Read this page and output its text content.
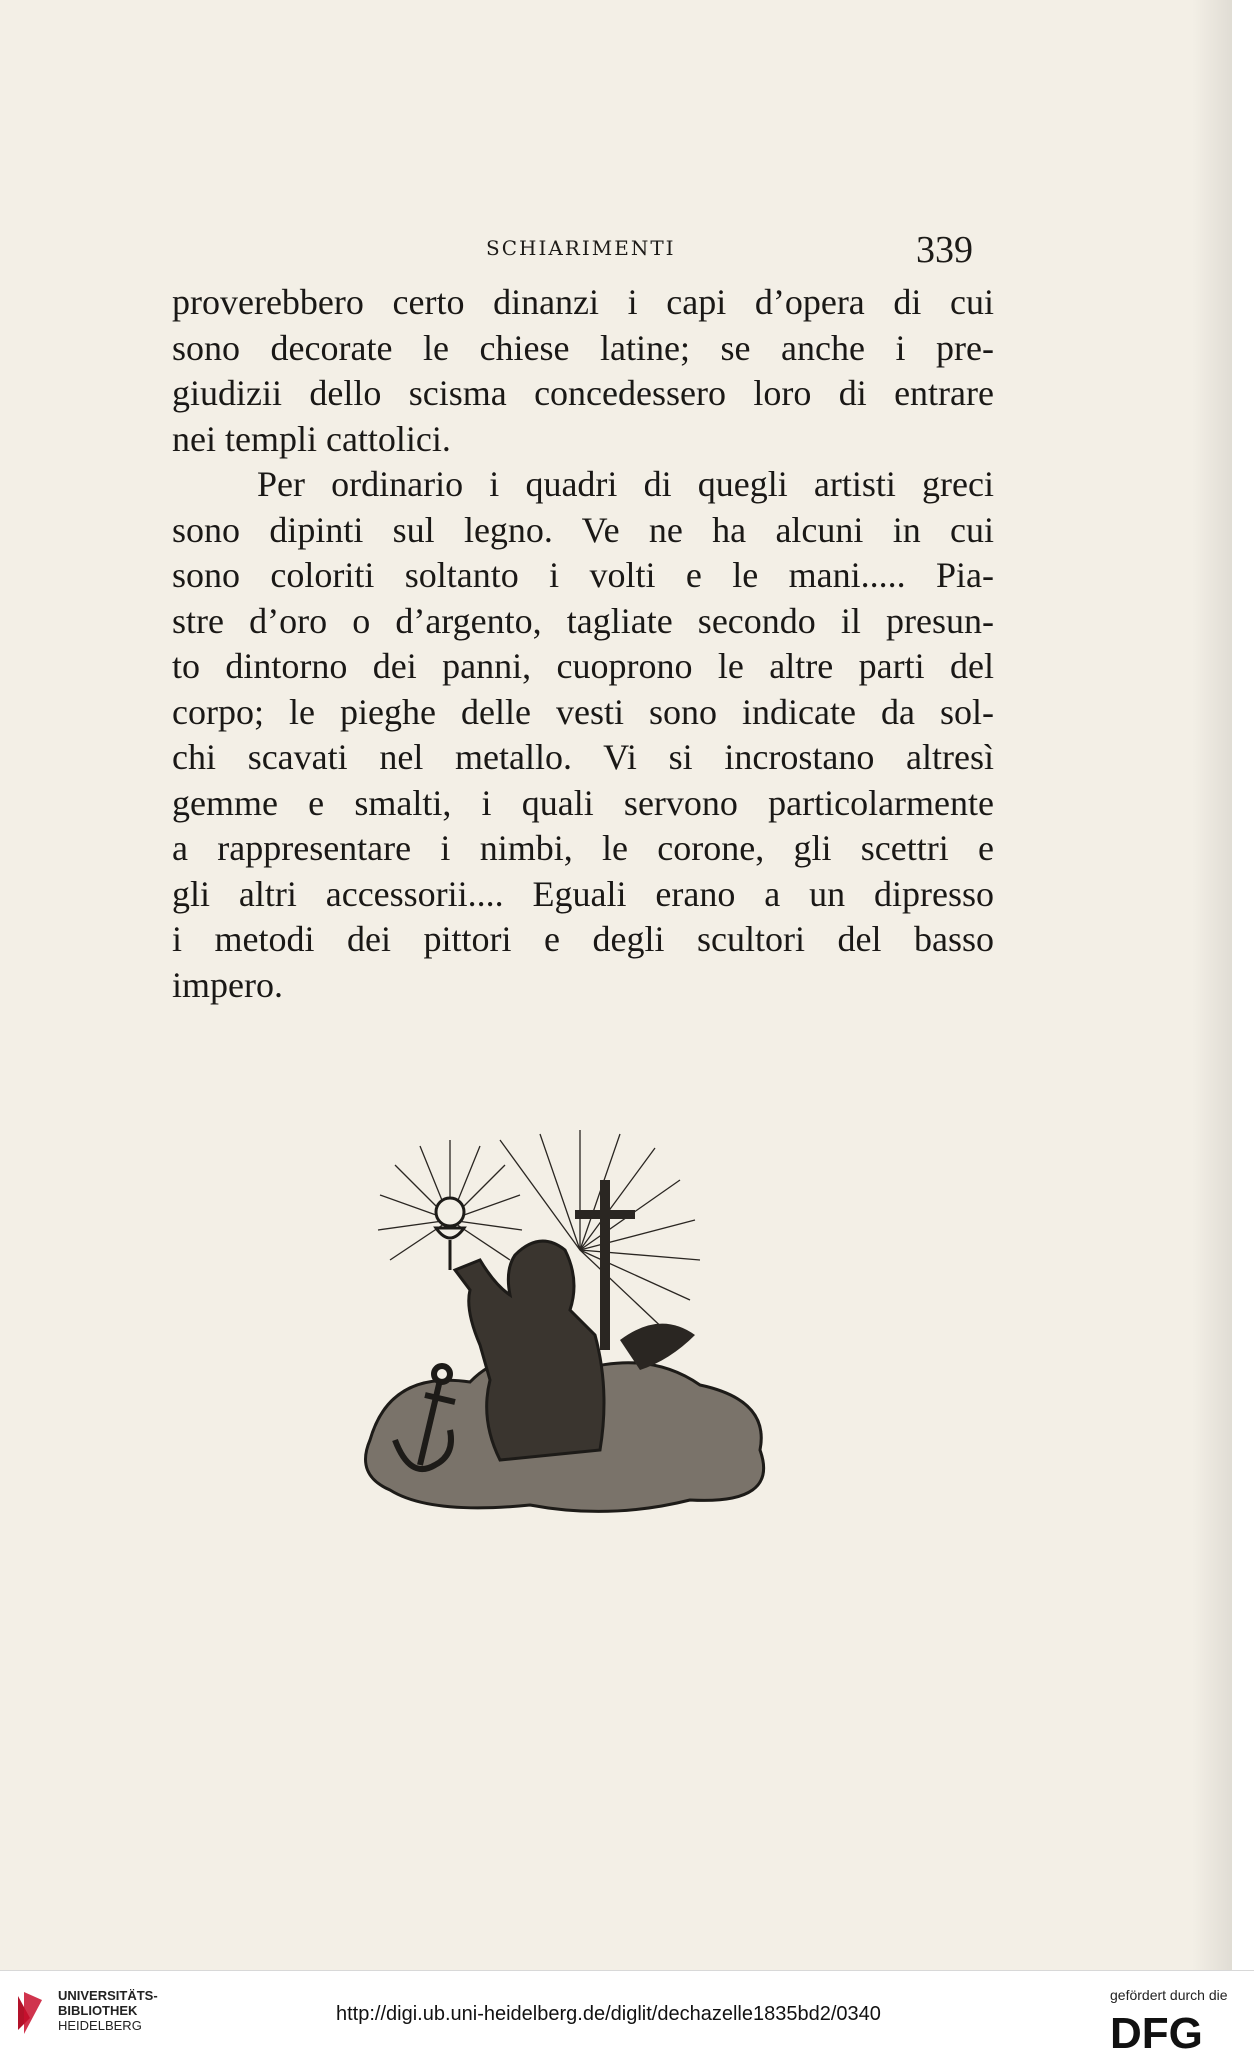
SCHIARIMENTI	339
proverebbero certo dinanzi i capi d’opera di cui
sono decorate le chiese latine; se anche i pre-
giudizii dello scisma concedessero loro di entrare
nei templi cattolici.
Per ordinario i quadri di quegli artisti greci
sono dipinti sul legno. Ve ne ha alcuni in cui
sono coloriti soltanto i volti e le mani..... Pia-
stre d’oro o d’argento, tagliate secondo il presun-
to dintorno dei panni, cuoprono le altre parti del
corpo; le pieghe delle vesti sono indicate da sol-
chi scavati nel metallo. Vi si incrostano altresì
gemme e smalti, i quali servono particolarmente
a rappresentare i nimbi, le corone, gli scettri e
gli altri accessorii.... Eguali erano a un dipresso
i metodi dei pittori e degli scultori del basso
impero.
UNIVERSITÄTS-
BIBLIOTHEK
HEIDELBERG
http://digi.ub.uni-heidelberg.de/diglit/dechazelle1835bd2/0340
gefördert durch die
DFG
